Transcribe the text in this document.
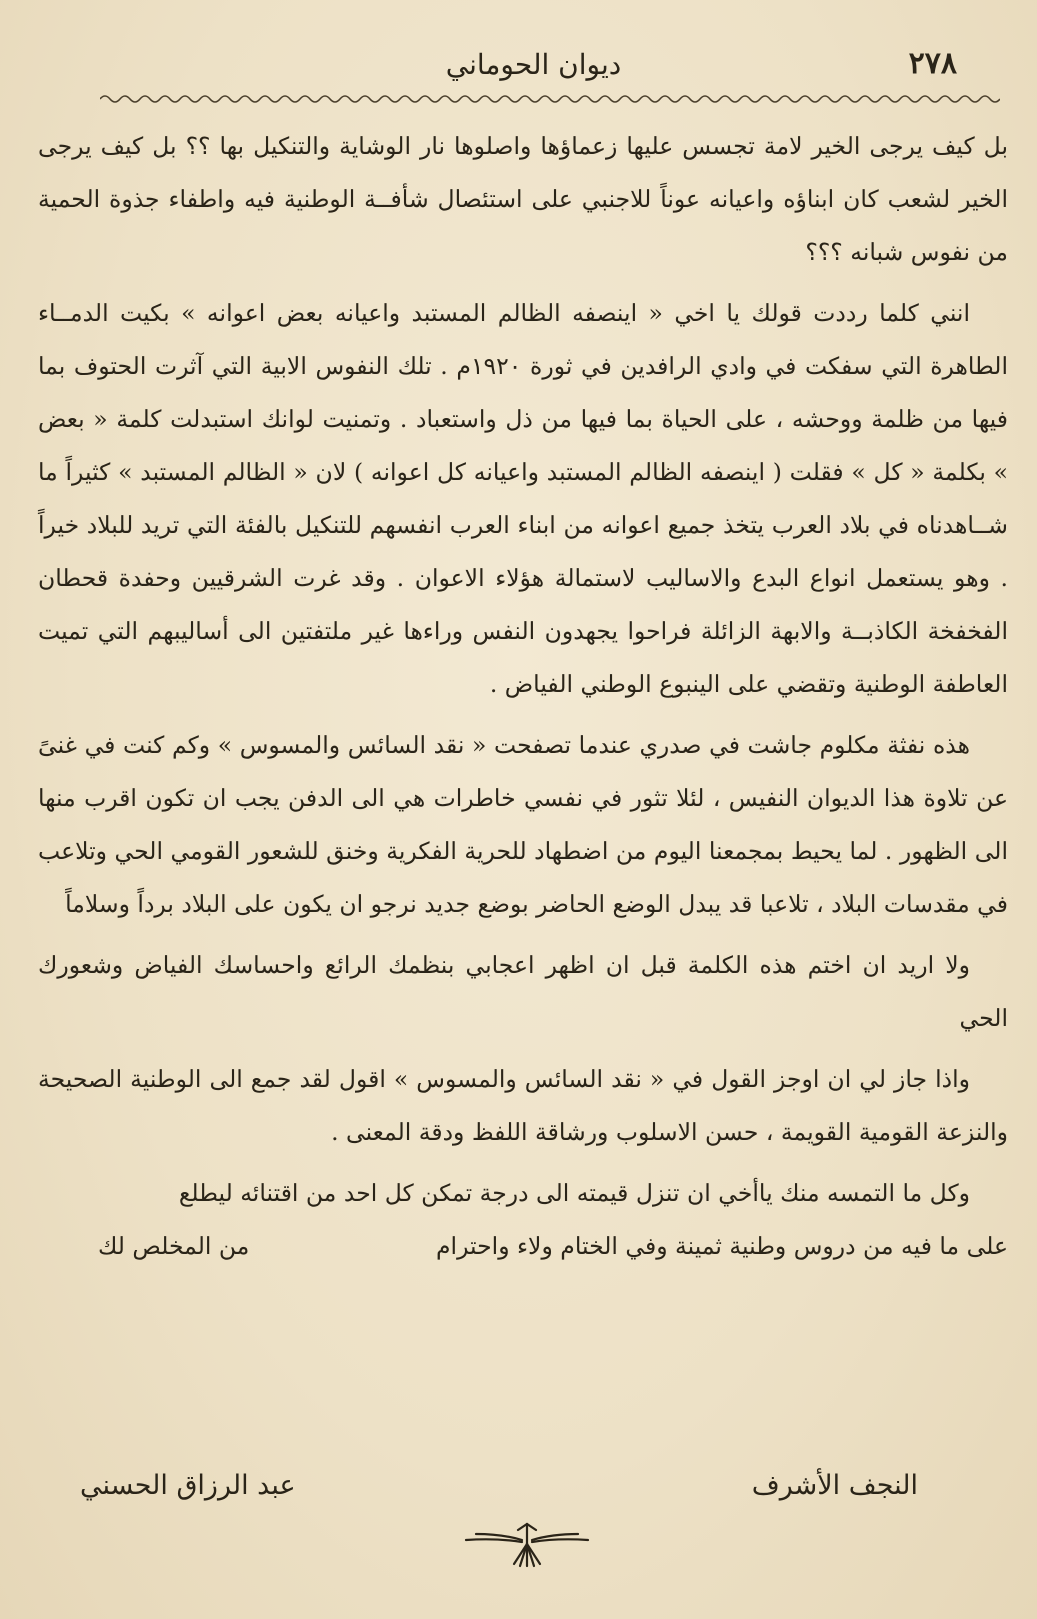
٢٧٨
ديوان الحوماني

بل كيف يرجى الخير لامة تجسس عليها زعماؤها واصلوها نار الوشاية والتنكيل بها ؟؟ بل كيف يرجى الخير لشعب كان ابناؤه واعيانه عوناً للاجنبي على استئصال شأفــة الوطنية فيه واطفاء جذوة الحمية من نفوس شبانه ؟؟؟

انني كلما رددت قولك يا اخي « اينصفه الظالم المستبد واعيانه بعض اعوانه » بكيت الدمــاء الطاهرة التي سفكت في وادي الرافدين في ثورة ١٩٢٠م . تلك النفوس الابية التي آثرت الحتوف بما فيها من ظلمة ووحشه ، على الحياة بما فيها من ذل واستعباد . وتمنيت لوانك استبدلت كلمة « بعض » بكلمة « كل » فقلت ( اينصفه الظالم المستبد واعيانه كل اعوانه ) لان « الظالم المستبد » كثيراً ما شــاهدناه في بلاد العرب يتخذ جميع اعوانه من ابناء العرب انفسهم للتنكيل بالفئة التي تريد للبلاد خيراً . وهو يستعمل انواع البدع والاساليب لاستمالة هؤلاء الاعوان . وقد غرت الشرقيين وحفدة قحطان الفخفخة الكاذبــة والابهة الزائلة فراحوا يجهدون النفس وراءها غير ملتفتين الى أساليبهم التي تميت العاطفة الوطنية وتقضي على الينبوع الوطني الفياض .

هذه نفثة مكلوم جاشت في صدري عندما تصفحت « نقد السائس والمسوس » وكم كنت في غنىً عن تلاوة هذا الديوان النفيس ، لئلا تثور في نفسي خاطرات هي الى الدفن يجب ان تكون اقرب منها الى الظهور . لما يحيط بمجمعنا اليوم من اضطهاد للحرية الفكرية وخنق للشعور القومي الحي وتلاعب في مقدسات البلاد ، تلاعبا قد يبدل الوضع الحاضر بوضع جديد نرجو ان يكون على البلاد برداً وسلاماً

ولا اريد ان اختم هذه الكلمة قبل ان اظهر اعجابي بنظمك الرائع واحساسك الفياض وشعورك الحي

واذا جاز لي ان اوجز القول في « نقد السائس والمسوس » اقول لقد جمع الى الوطنية الصحيحة والنزعة القومية القويمة ، حسن الاسلوب ورشاقة اللفظ ودقة المعنى .

وكل ما التمسه منك ياأخي ان تنزل قيمته الى درجة تمكن كل احد من اقتنائه ليطلع

على ما فيه من دروس وطنية ثمينة وفي الختام ولاء واحترام
من المخلص لك
النجف الأشرف
عبد الرزاق الحسني
